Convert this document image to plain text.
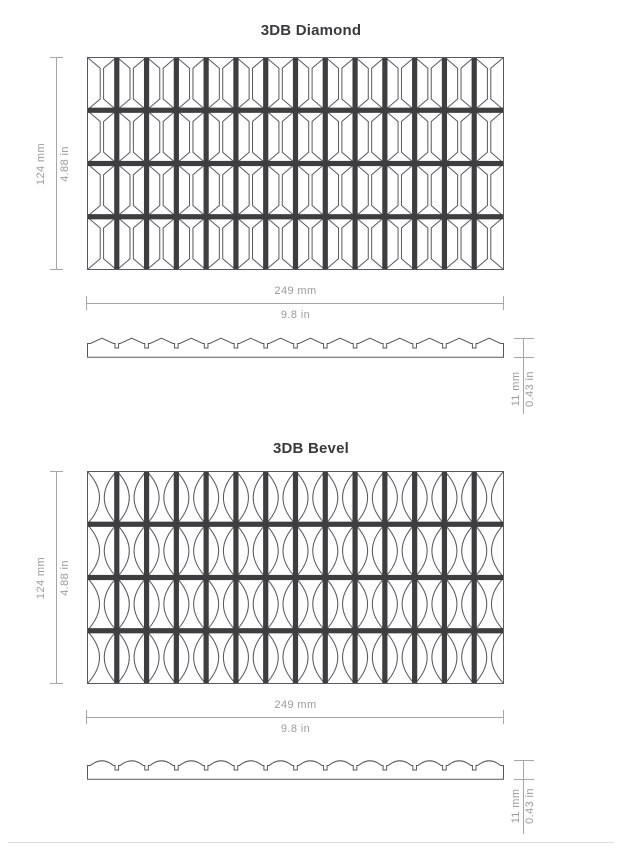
3DB Diamond
124 mm 4.88 in
249 mm
9.8 in
11 mm 0.43 in
3DB Bevel
124 mm 4.88 in
249 mm
9.8 in
11 mm 0.43 in
